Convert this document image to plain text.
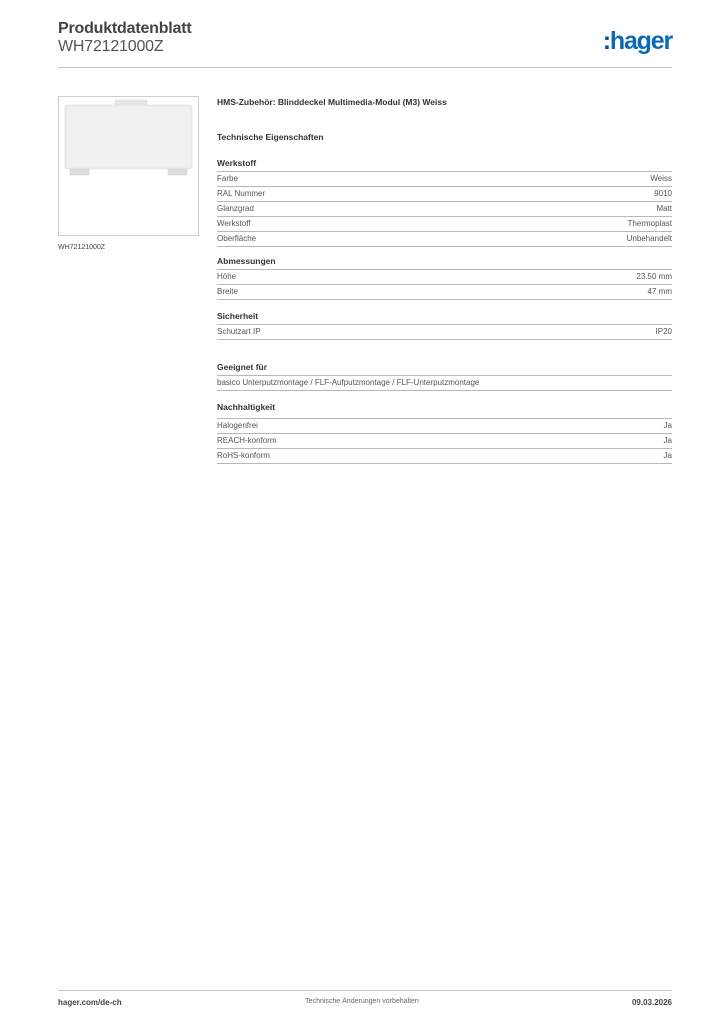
Produktdatenblatt
WH72121000Z	:hager
WH72121000Z
HMS-Zubehör: Blinddeckel Multimedia-Modul (M3) Weiss
Technische Eigenschaften
Werkstoff
Farbe	Weiss
RAL Nummer	9010
Glanzgrad	Matt
Werkstoff	Thermoplast
Oberfläche	Unbehandelt
Abmessungen
Höhe	23.50 mm
Breite	47 mm
Sicherheit
Schutzart IP	IP20
Geeignet für
basico Unterputzmontage / FLF-Aufputzmontage / FLF-Unterputzmontage
Nachhaltigkeit
Halogenfrei	Ja
REACH-konform	Ja
RoHS-konform	Ja
hager.com/de-ch	Technische Änderungen vorbehalten	09.03.2026
